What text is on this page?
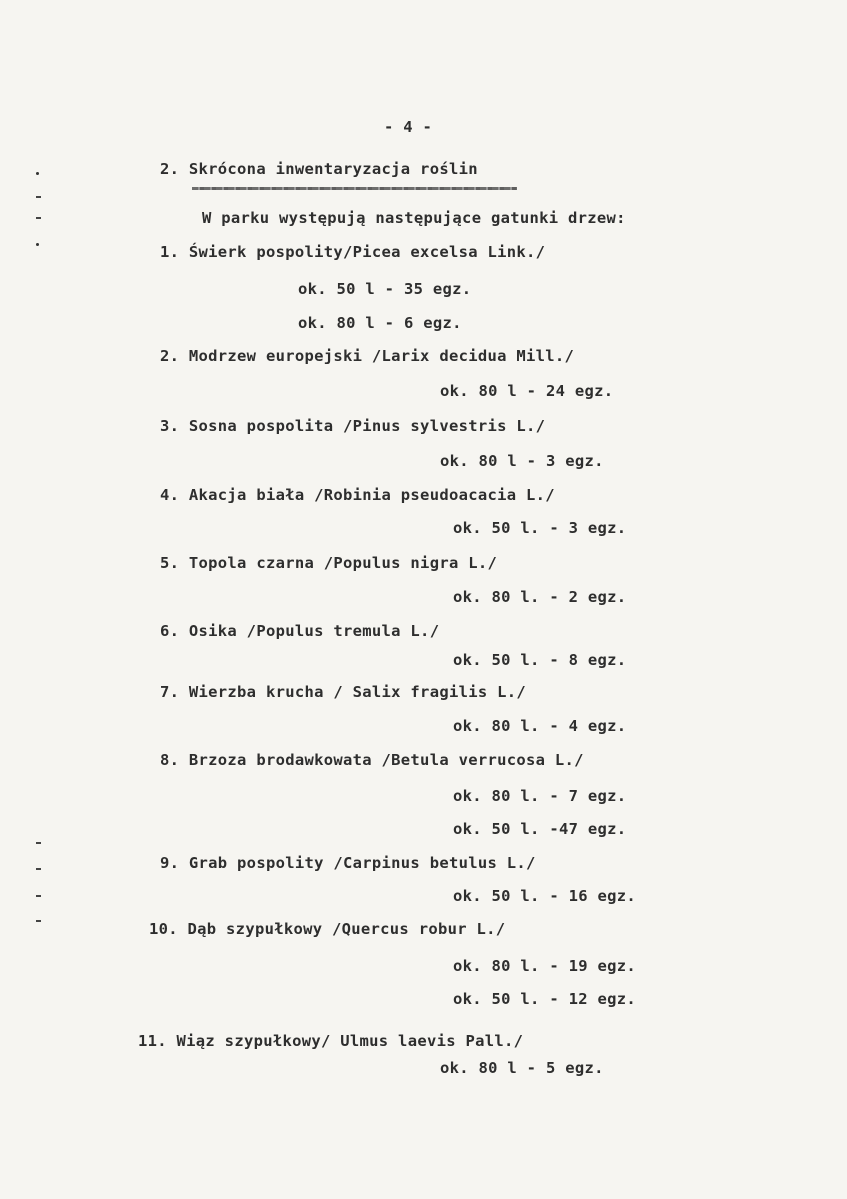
- 4 -
2. Skrócona inwentaryzacja roślin
W parku występują następujące gatunki drzew:
1. Świerk pospolity/Picea excelsa Link./
ok. 50 l - 35 egz.
ok. 80 l - 6 egz.
2. Modrzew europejski /Larix decidua Mill./
ok. 80 l - 24 egz.
3. Sosna pospolita /Pinus sylvestris L./
ok. 80 l - 3 egz.
4. Akacja biała /Robinia pseudoacacia L./
ok. 50 l. - 3 egz.
5. Topola czarna /Populus nigra L./
ok. 80 l. - 2 egz.
6. Osika /Populus tremula L./
ok. 50 l. - 8 egz.
7. Wierzba krucha / Salix fragilis L./
ok. 80 l. - 4 egz.
8. Brzoza brodawkowata /Betula verrucosa L./
ok. 80 l. - 7 egz.
ok. 50 l. -47 egz.
9. Grab pospolity /Carpinus betulus L./
ok. 50 l. - 16 egz.
10. Dąb szypułkowy /Quercus robur L./
ok. 80 l. - 19 egz.
ok. 50 l. - 12 egz.
11. Wiąz szypułkowy/ Ulmus laevis Pall./
ok. 80 l - 5 egz.
